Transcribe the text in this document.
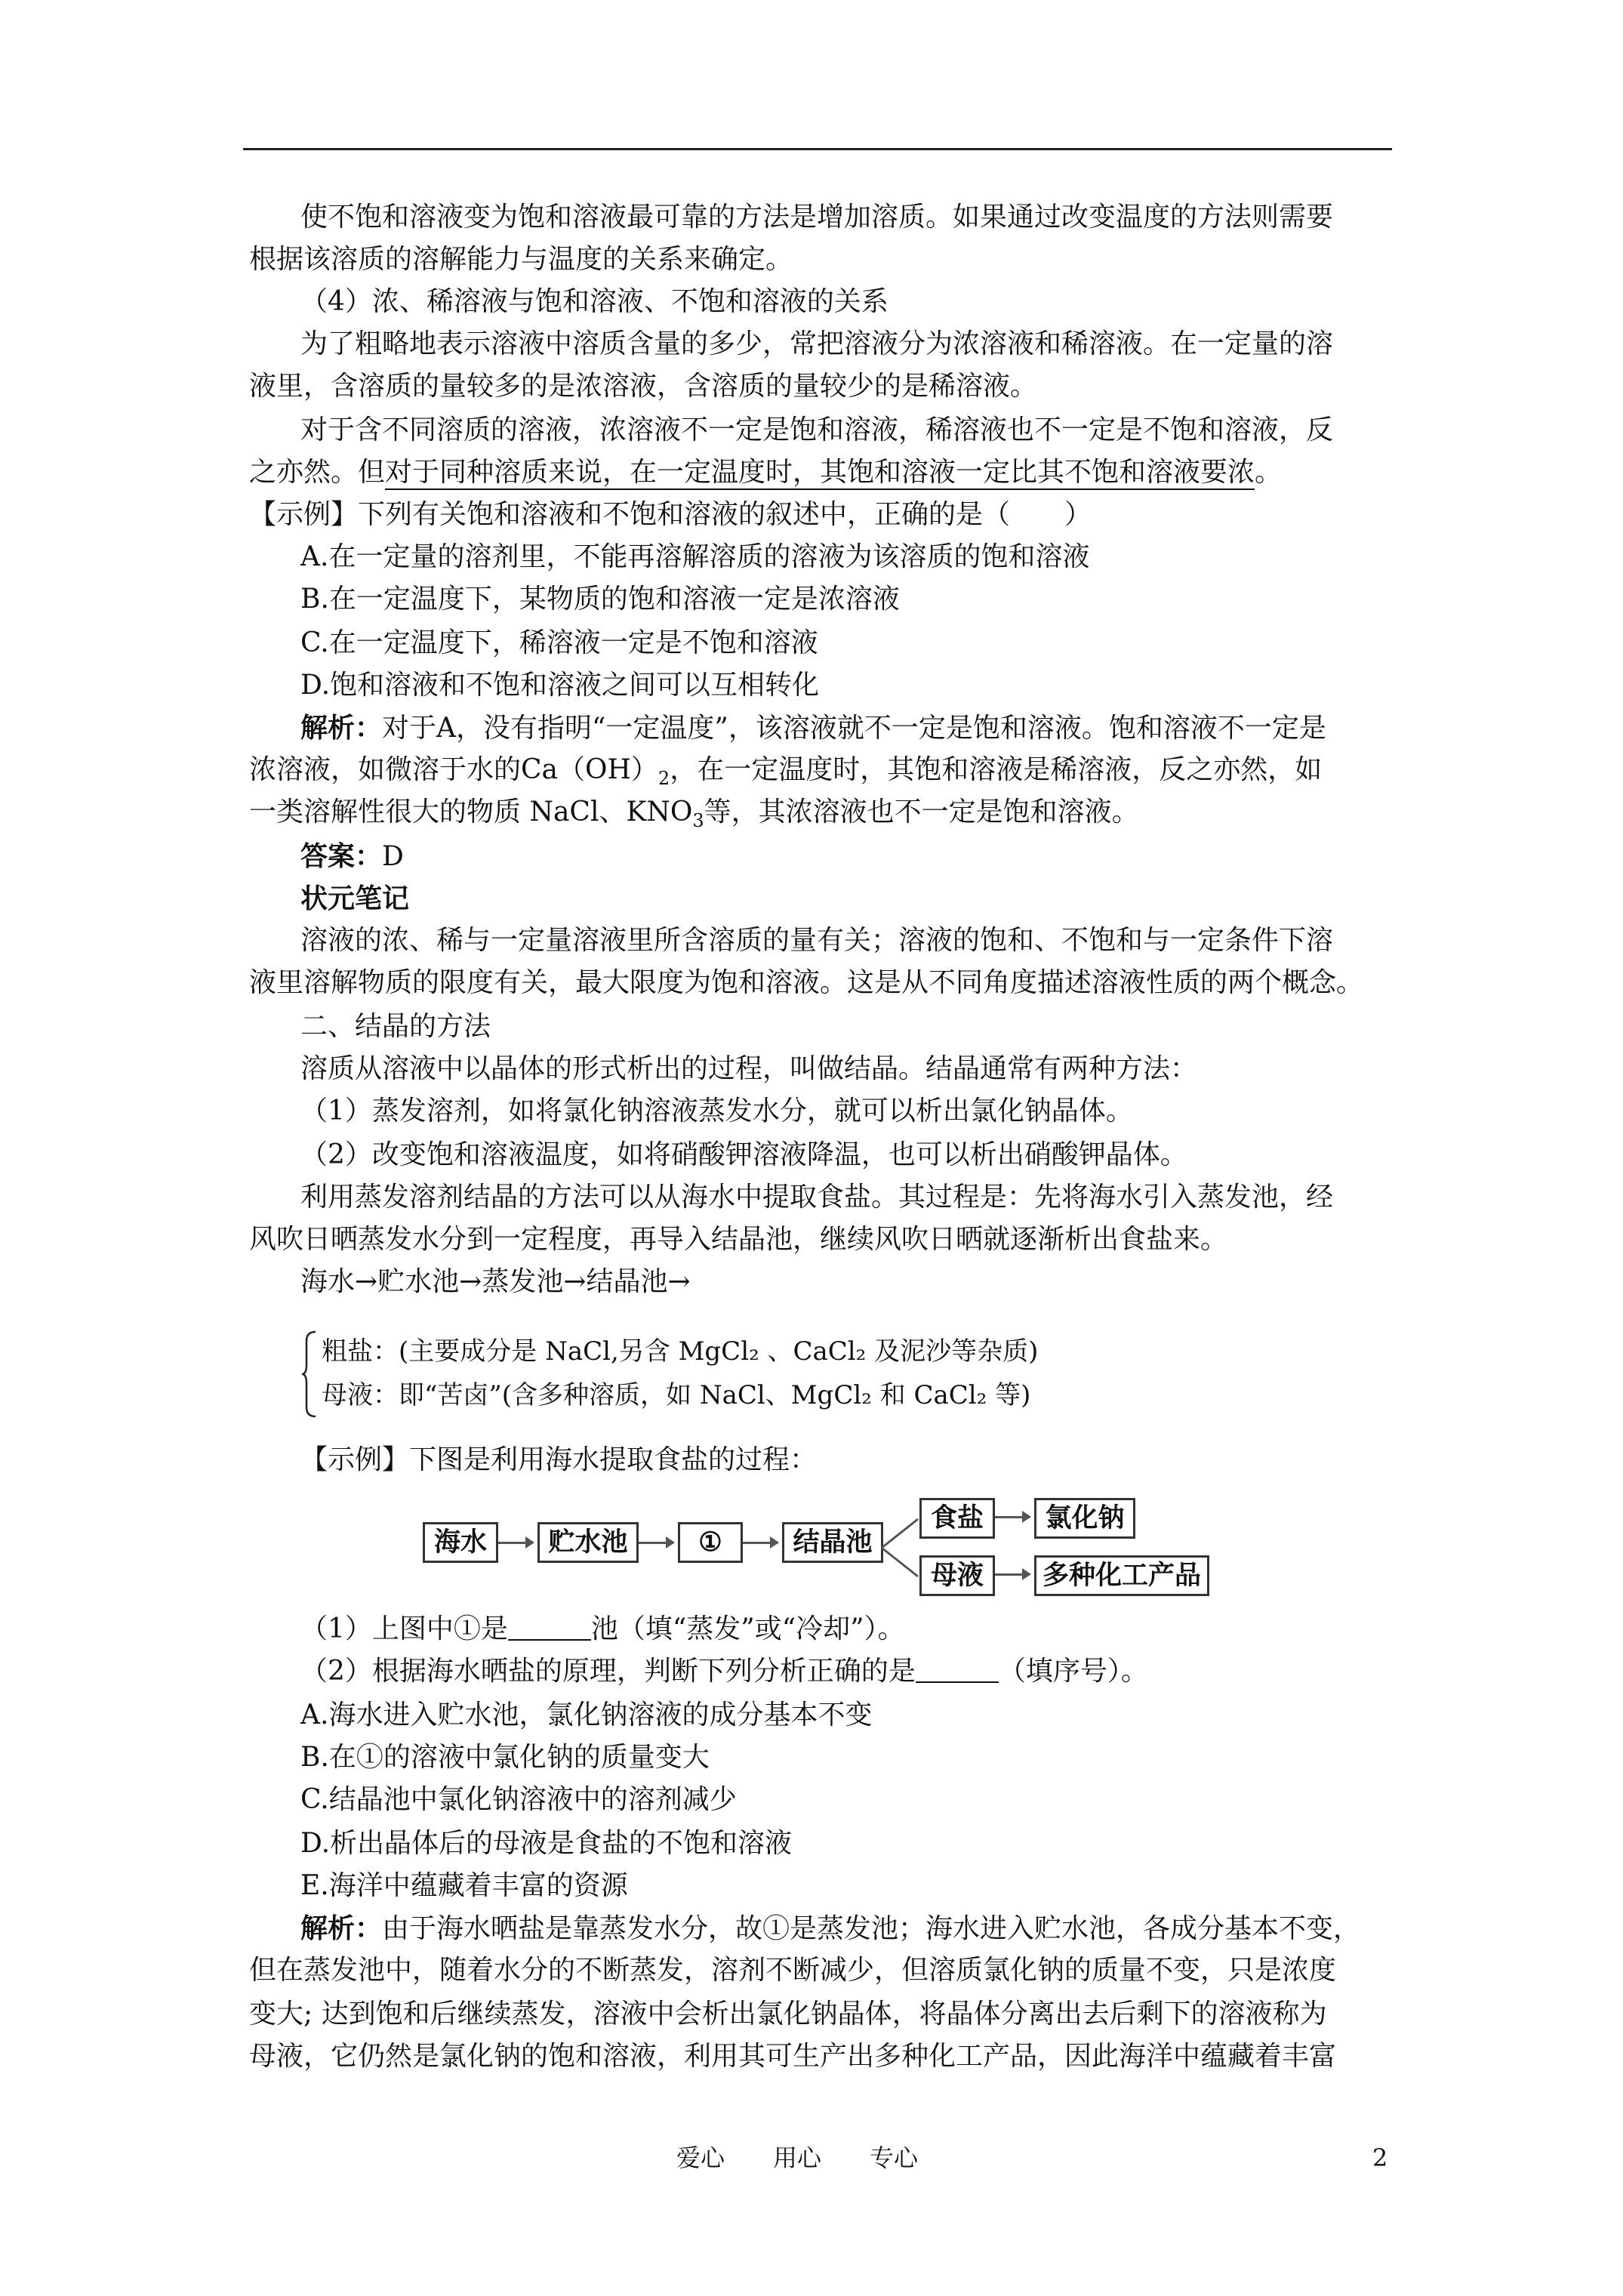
使不饱和溶液变为饱和溶液最可靠的方法是增加溶质。如果通过改变温度的方法则需要
根据该溶质的溶解能力与温度的关系来确定。
（4）浓、稀溶液与饱和溶液、不饱和溶液的关系
为了粗略地表示溶液中溶质含量的多少，常把溶液分为浓溶液和稀溶液。在一定量的溶
液里，含溶质的量较多的是浓溶液，含溶质的量较少的是稀溶液。
对于含不同溶质的溶液，浓溶液不一定是饱和溶液，稀溶液也不一定是不饱和溶液，反
之亦然。但对于同种溶质来说，在一定温度时，其饱和溶液一定比其不饱和溶液要浓。
【示例】下列有关饱和溶液和不饱和溶液的叙述中，正确的是（　　）
A.在一定量的溶剂里，不能再溶解溶质的溶液为该溶质的饱和溶液
B.在一定温度下，某物质的饱和溶液一定是浓溶液
C.在一定温度下，稀溶液一定是不饱和溶液
D.饱和溶液和不饱和溶液之间可以互相转化
解析：对于A，没有指明“一定温度”，该溶液就不一定是饱和溶液。饱和溶液不一定是
浓溶液，如微溶于水的$Ca(OH)_2$，在一定温度时，其饱和溶液是稀溶液，反之亦然，如
一类溶解性很大的物质 NaCl、$KNO_3$等，其浓溶液也不一定是饱和溶液。
答案：D
状元笔记
溶液的浓、稀与一定量溶液里所含溶质的量有关；溶液的饱和、不饱和与一定条件下溶
液里溶解物质的限度有关，最大限度为饱和溶液。这是从不同角度描述溶液性质的两个概念。
二、结晶的方法
溶质从溶液中以晶体的形式析出的过程，叫做结晶。结晶通常有两种方法：
（1）蒸发溶剂，如将氯化钠溶液蒸发水分，就可以析出氯化钠晶体。
（2）改变饱和溶液温度，如将硝酸钾溶液降温，也可以析出硝酸钾晶体。
利用蒸发溶剂结晶的方法可以从海水中提取食盐。其过程是：先将海水引入蒸发池，经
风吹日晒蒸发水分到一定程度，再导入结晶池，继续风吹日晒就逐渐析出食盐来。
海水→贮水池→蒸发池→结晶池→
粗盐：(主要成分是 NaCl,另含 MgCl₂ 、CaCl₂ 及泥沙等杂质)
母液：即“苦卤”(含多种溶质，如 NaCl、MgCl₂ 和 CaCl₂ 等)
【示例】下图是利用海水提取食盐的过程：
海水	贮水池	①	结晶池
食盐	氯化钠
母液	多种化工产品
（1）上图中①是	池（填“蒸发”或“冷却”）。
（2）根据海水晒盐的原理，判断下列分析正确的是	（填序号）。
A.海水进入贮水池，氯化钠溶液的成分基本不变
B.在①的溶液中氯化钠的质量变大
C.结晶池中氯化钠溶液中的溶剂减少
D.析出晶体后的母液是食盐的不饱和溶液
E.海洋中蕴藏着丰富的资源
解析：由于海水晒盐是靠蒸发水分，故①是蒸发池；海水进入贮水池，各成分基本不变，
但在蒸发池中，随着水分的不断蒸发，溶剂不断减少，但溶质氯化钠的质量不变，只是浓度
变大; 达到饱和后继续蒸发，溶液中会析出氯化钠晶体，将晶体分离出去后剩下的溶液称为
母液，它仍然是氯化钠的饱和溶液，利用其可生产出多种化工产品，因此海洋中蕴藏着丰富
爱心　　用心　　专心	2
